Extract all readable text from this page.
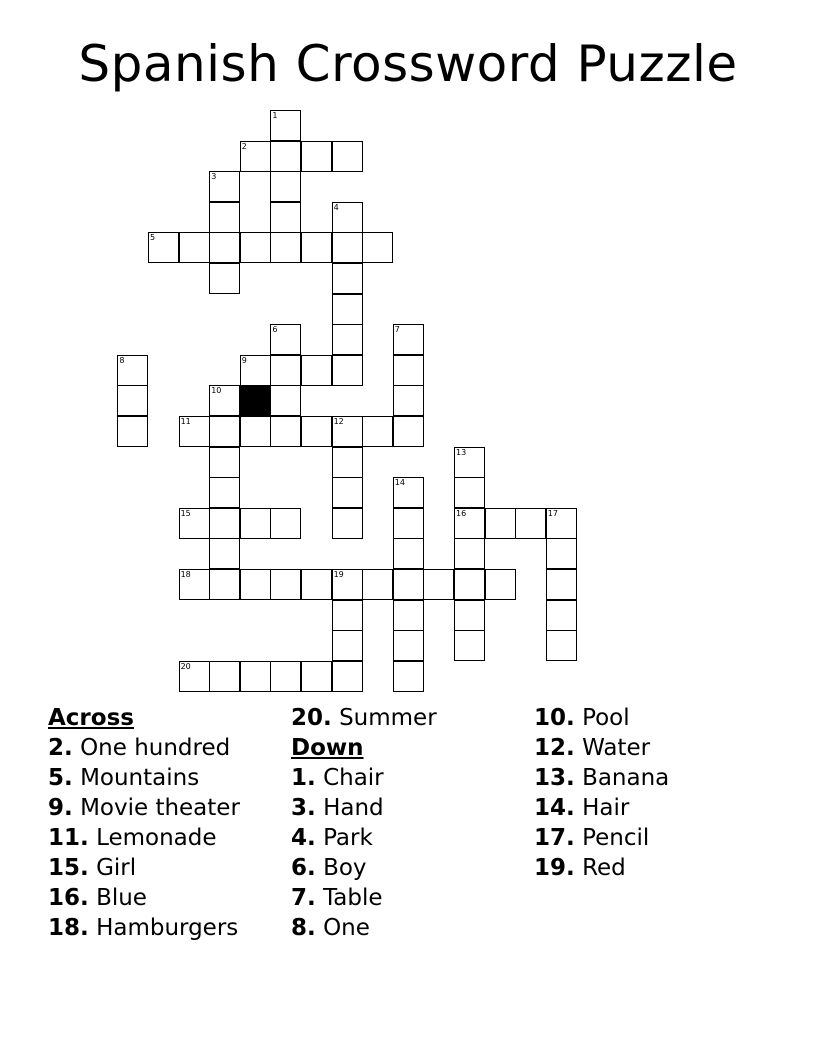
Spanish Crossword Puzzle
1
2
3
4
5
6	7
8	9
10
11	12
13
14
15	16	17
18	19
20
Across
2. One hundred
5. Mountains
9. Movie theater
11. Lemonade
15. Girl
16. Blue
18. Hamburgers
20. Summer
Down
1. Chair
3. Hand
4. Park
6. Boy
7. Table
8. One
10. Pool
12. Water
13. Banana
14. Hair
17. Pencil
19. Red
